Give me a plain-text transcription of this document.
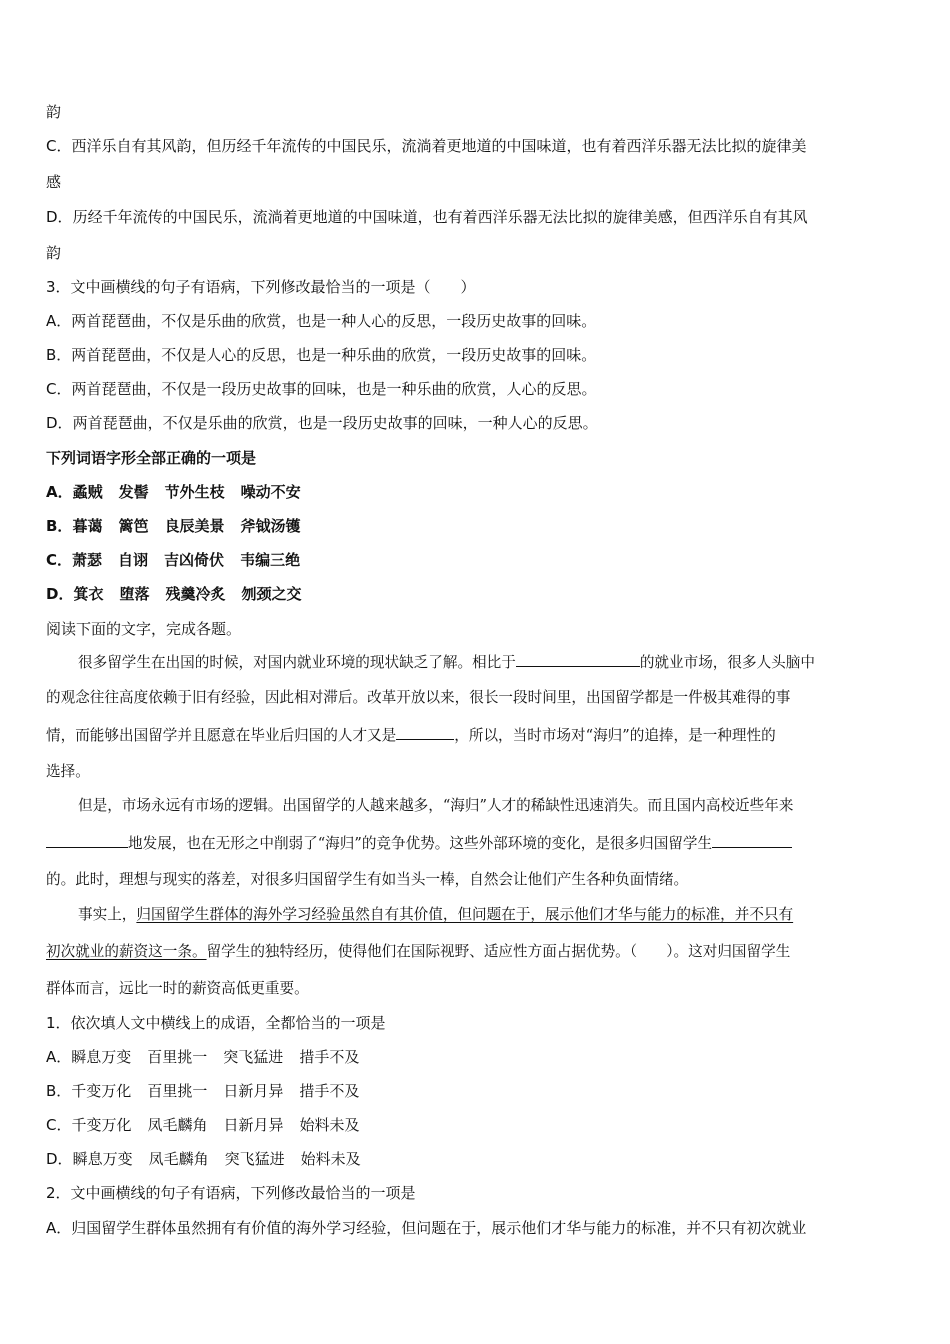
韵
C．西洋乐自有其风韵，但历经千年流传的中国民乐，流淌着更地道的中国味道，也有着西洋乐器无法比拟的旋律美
感
D．历经千年流传的中国民乐，流淌着更地道的中国味道，也有着西洋乐器无法比拟的旋律美感，但西洋乐自有其风
韵
3．文中画横线的句子有语病，下列修改最恰当的一项是（　　）
A．两首琵琶曲，不仅是乐曲的欣赏，也是一种人心的反思，一段历史故事的回味。
B．两首琵琶曲，不仅是人心的反思，也是一种乐曲的欣赏，一段历史故事的回味。
C．两首琵琶曲，不仅是一段历史故事的回味，也是一种乐曲的欣赏，人心的反思。
D．两首琵琶曲，不仅是乐曲的欣赏，也是一段历史故事的回味，一种人心的反思。
下列词语字形全部正确的一项是
A．蟊贼 发髻 节外生枝 噪动不安
B．暮蔼 篱笆 良辰美景 斧钺汤镬
C．萧瑟 自诩 吉凶倚伏 韦编三绝
D．箕衣 堕落 残羹冷炙 刎颈之交
阅读下面的文字，完成各题。
很多留学生在出国的时候，对国内就业环境的现状缺乏了解。相比于	的就业市场，很多人头脑中
的观念往往高度依赖于旧有经验，因此相对滞后。改革开放以来，很长一段时间里，出国留学都是一件极其难得的事
情，而能够出国留学并且愿意在毕业后归国的人才又是	，所以，当时市场对“海归”的追捧，是一种理性的
选择。
但是，市场永远有市场的逻辑。出国留学的人越来越多，“海归”人才的稀缺性迅速消失。而且国内高校近些年来
地发展，也在无形之中削弱了“海归”的竞争优势。这些外部环境的变化，是很多归国留学生
的。此时，理想与现实的落差，对很多归国留学生有如当头一棒，自然会让他们产生各种负面情绪。
事实上，归国留学生群体的海外学习经验虽然自有其价值，但问题在于，展示他们才华与能力的标准，并不只有
初次就业的薪资这一条。留学生的独特经历，使得他们在国际视野、适应性方面占据优势。（　　）。这对归国留学生
群体而言，远比一时的薪资高低更重要。
1．依次填人文中横线上的成语，全都恰当的一项是
A．瞬息万变 百里挑一 突飞猛进 措手不及
B．千变万化 百里挑一 日新月异 措手不及
C．千变万化 凤毛麟角 日新月异 始料未及
D．瞬息万变 凤毛麟角 突飞猛进 始料未及
2．文中画横线的句子有语病，下列修改最恰当的一项是
A．归国留学生群体虽然拥有有价值的海外学习经验，但问题在于，展示他们才华与能力的标准，并不只有初次就业
